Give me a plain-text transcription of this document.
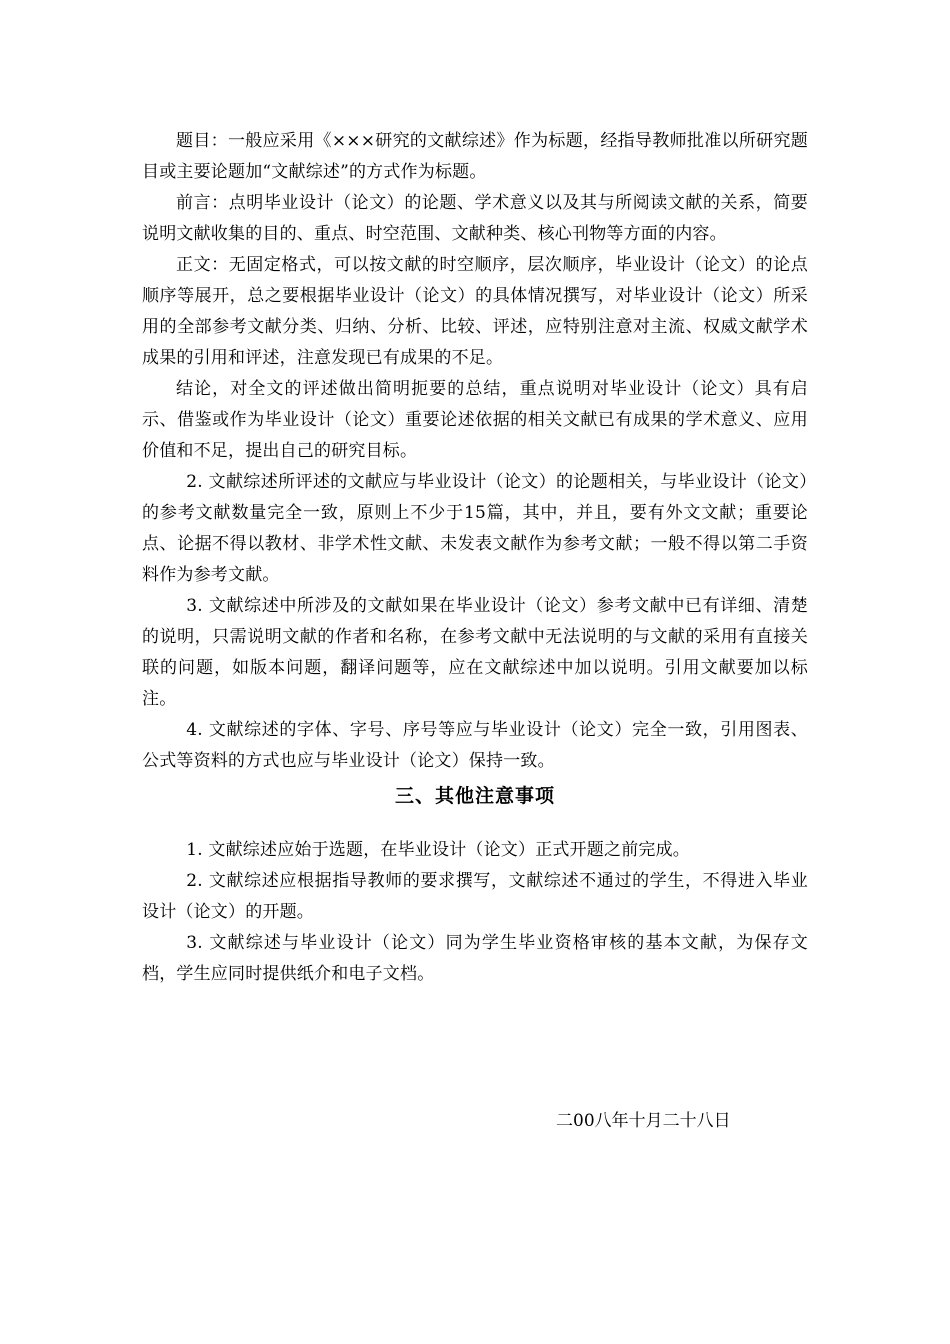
题目：一般应采用《×××研究的文献综述》作为标题，经指导教师批准以所研究题目或主要论题加“文献综述”的方式作为标题。

前言：点明毕业设计（论文）的论题、学术意义以及其与所阅读文献的关系，简要说明文献收集的目的、重点、时空范围、文献种类、核心刊物等方面的内容。

正文：无固定格式，可以按文献的时空顺序，层次顺序，毕业设计（论文）的论点顺序等展开，总之要根据毕业设计（论文）的具体情况撰写，对毕业设计（论文）所采用的全部参考文献分类、归纳、分析、比较、评述，应特别注意对主流、权威文献学术成果的引用和评述，注意发现已有成果的不足。

结论，对全文的评述做出简明扼要的总结，重点说明对毕业设计（论文）具有启示、借鉴或作为毕业设计（论文）重要论述依据的相关文献已有成果的学术意义、应用价值和不足，提出自己的研究目标。

2. 文献综述所评述的文献应与毕业设计（论文）的论题相关，与毕业设计（论文）的参考文献数量完全一致，原则上不少于15篇，其中，并且，要有外文文献；重要论点、论据不得以教材、非学术性文献、未发表文献作为参考文献；一般不得以第二手资料作为参考文献。

3. 文献综述中所涉及的文献如果在毕业设计（论文）参考文献中已有详细、清楚的说明，只需说明文献的作者和名称，在参考文献中无法说明的与文献的采用有直接关联的问题，如版本问题，翻译问题等，应在文献综述中加以说明。引用文献要加以标注。

4. 文献综述的字体、字号、序号等应与毕业设计（论文）完全一致，引用图表、公式等资料的方式也应与毕业设计（论文）保持一致。

三、其他注意事项

1. 文献综述应始于选题，在毕业设计（论文）正式开题之前完成。

2. 文献综述应根据指导教师的要求撰写，文献综述不通过的学生，不得进入毕业设计（论文）的开题。

3. 文献综述与毕业设计（论文）同为学生毕业资格审核的基本文献，为保存文档，学生应同时提供纸介和电子文档。

二00八年十月二十八日
